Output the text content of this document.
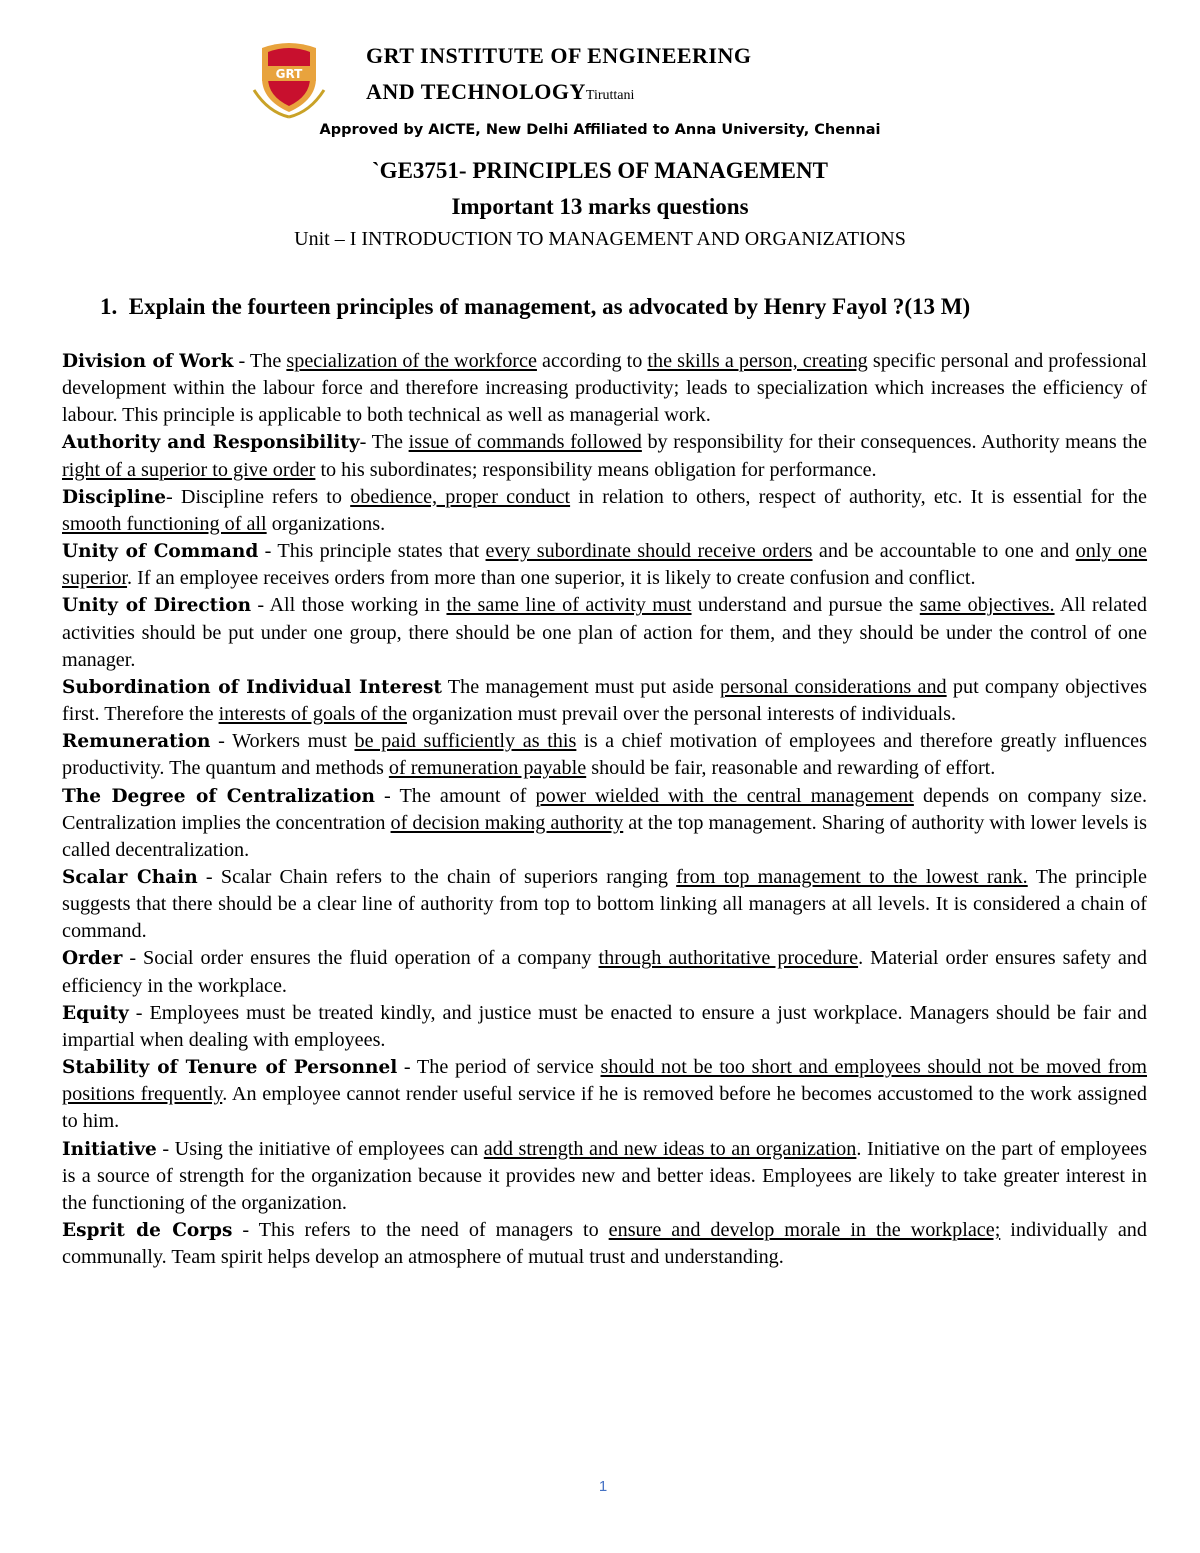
GRT
GRT INSTITUTE OF ENGINEERING
AND TECHNOLOGYTiruttani
Approved by AICTE, New Delhi Affiliated to Anna University, Chennai
`GE3751- PRINCIPLES OF MANAGEMENT
Important 13 marks questions
Unit – I INTRODUCTION TO MANAGEMENT AND ORGANIZATIONS
1. Explain the fourteen principles of management, as advocated by Henry Fayol ?(13 M)

Division of Work - The specialization of the workforce according to the skills a person, creating specific personal and professional development within the labour force and therefore increasing productivity; leads to specialization which increases the efficiency of labour. This principle is applicable to both technical as well as managerial work.

Authority and Responsibility- The issue of commands followed by responsibility for their consequences. Authority means the right of a superior to give order to his subordinates; responsibility means obligation for performance.

Discipline- Discipline refers to obedience, proper conduct in relation to others, respect of authority, etc. It is essential for the smooth functioning of all organizations.

Unity of Command - This principle states that every subordinate should receive orders and be accountable to one and only one superior. If an employee receives orders from more than one superior, it is likely to create confusion and conflict.

Unity of Direction - All those working in the same line of activity must understand and pursue the same objectives. All related activities should be put under one group, there should be one plan of action for them, and they should be under the control of one manager.

Subordination of Individual Interest The management must put aside personal considerations and put company objectives first. Therefore the interests of goals of the organization must prevail over the personal interests of individuals.

Remuneration - Workers must be paid sufficiently as this is a chief motivation of employees and therefore greatly influences productivity. The quantum and methods of remuneration payable should be fair, reasonable and rewarding of effort.

The Degree of Centralization - The amount of power wielded with the central management depends on company size. Centralization implies the concentration of decision making authority at the top management. Sharing of authority with lower levels is called decentralization.

Scalar Chain - Scalar Chain refers to the chain of superiors ranging from top management to the lowest rank. The principle suggests that there should be a clear line of authority from top to bottom linking all managers at all levels. It is considered a chain of command.

Order - Social order ensures the fluid operation of a company through authoritative procedure. Material order ensures safety and efficiency in the workplace.

Equity - Employees must be treated kindly, and justice must be enacted to ensure a just workplace. Managers should be fair and impartial when dealing with employees.

Stability of Tenure of Personnel - The period of service should not be too short and employees should not be moved from positions frequently. An employee cannot render useful service if he is removed before he becomes accustomed to the work assigned to him.

Initiative - Using the initiative of employees can add strength and new ideas to an organization. Initiative on the part of employees is a source of strength for the organization because it provides new and better ideas. Employees are likely to take greater interest in the functioning of the organization.

Esprit de Corps - This refers to the need of managers to ensure and develop morale in the workplace; individually and communally. Team spirit helps develop an atmosphere of mutual trust and understanding.

1
